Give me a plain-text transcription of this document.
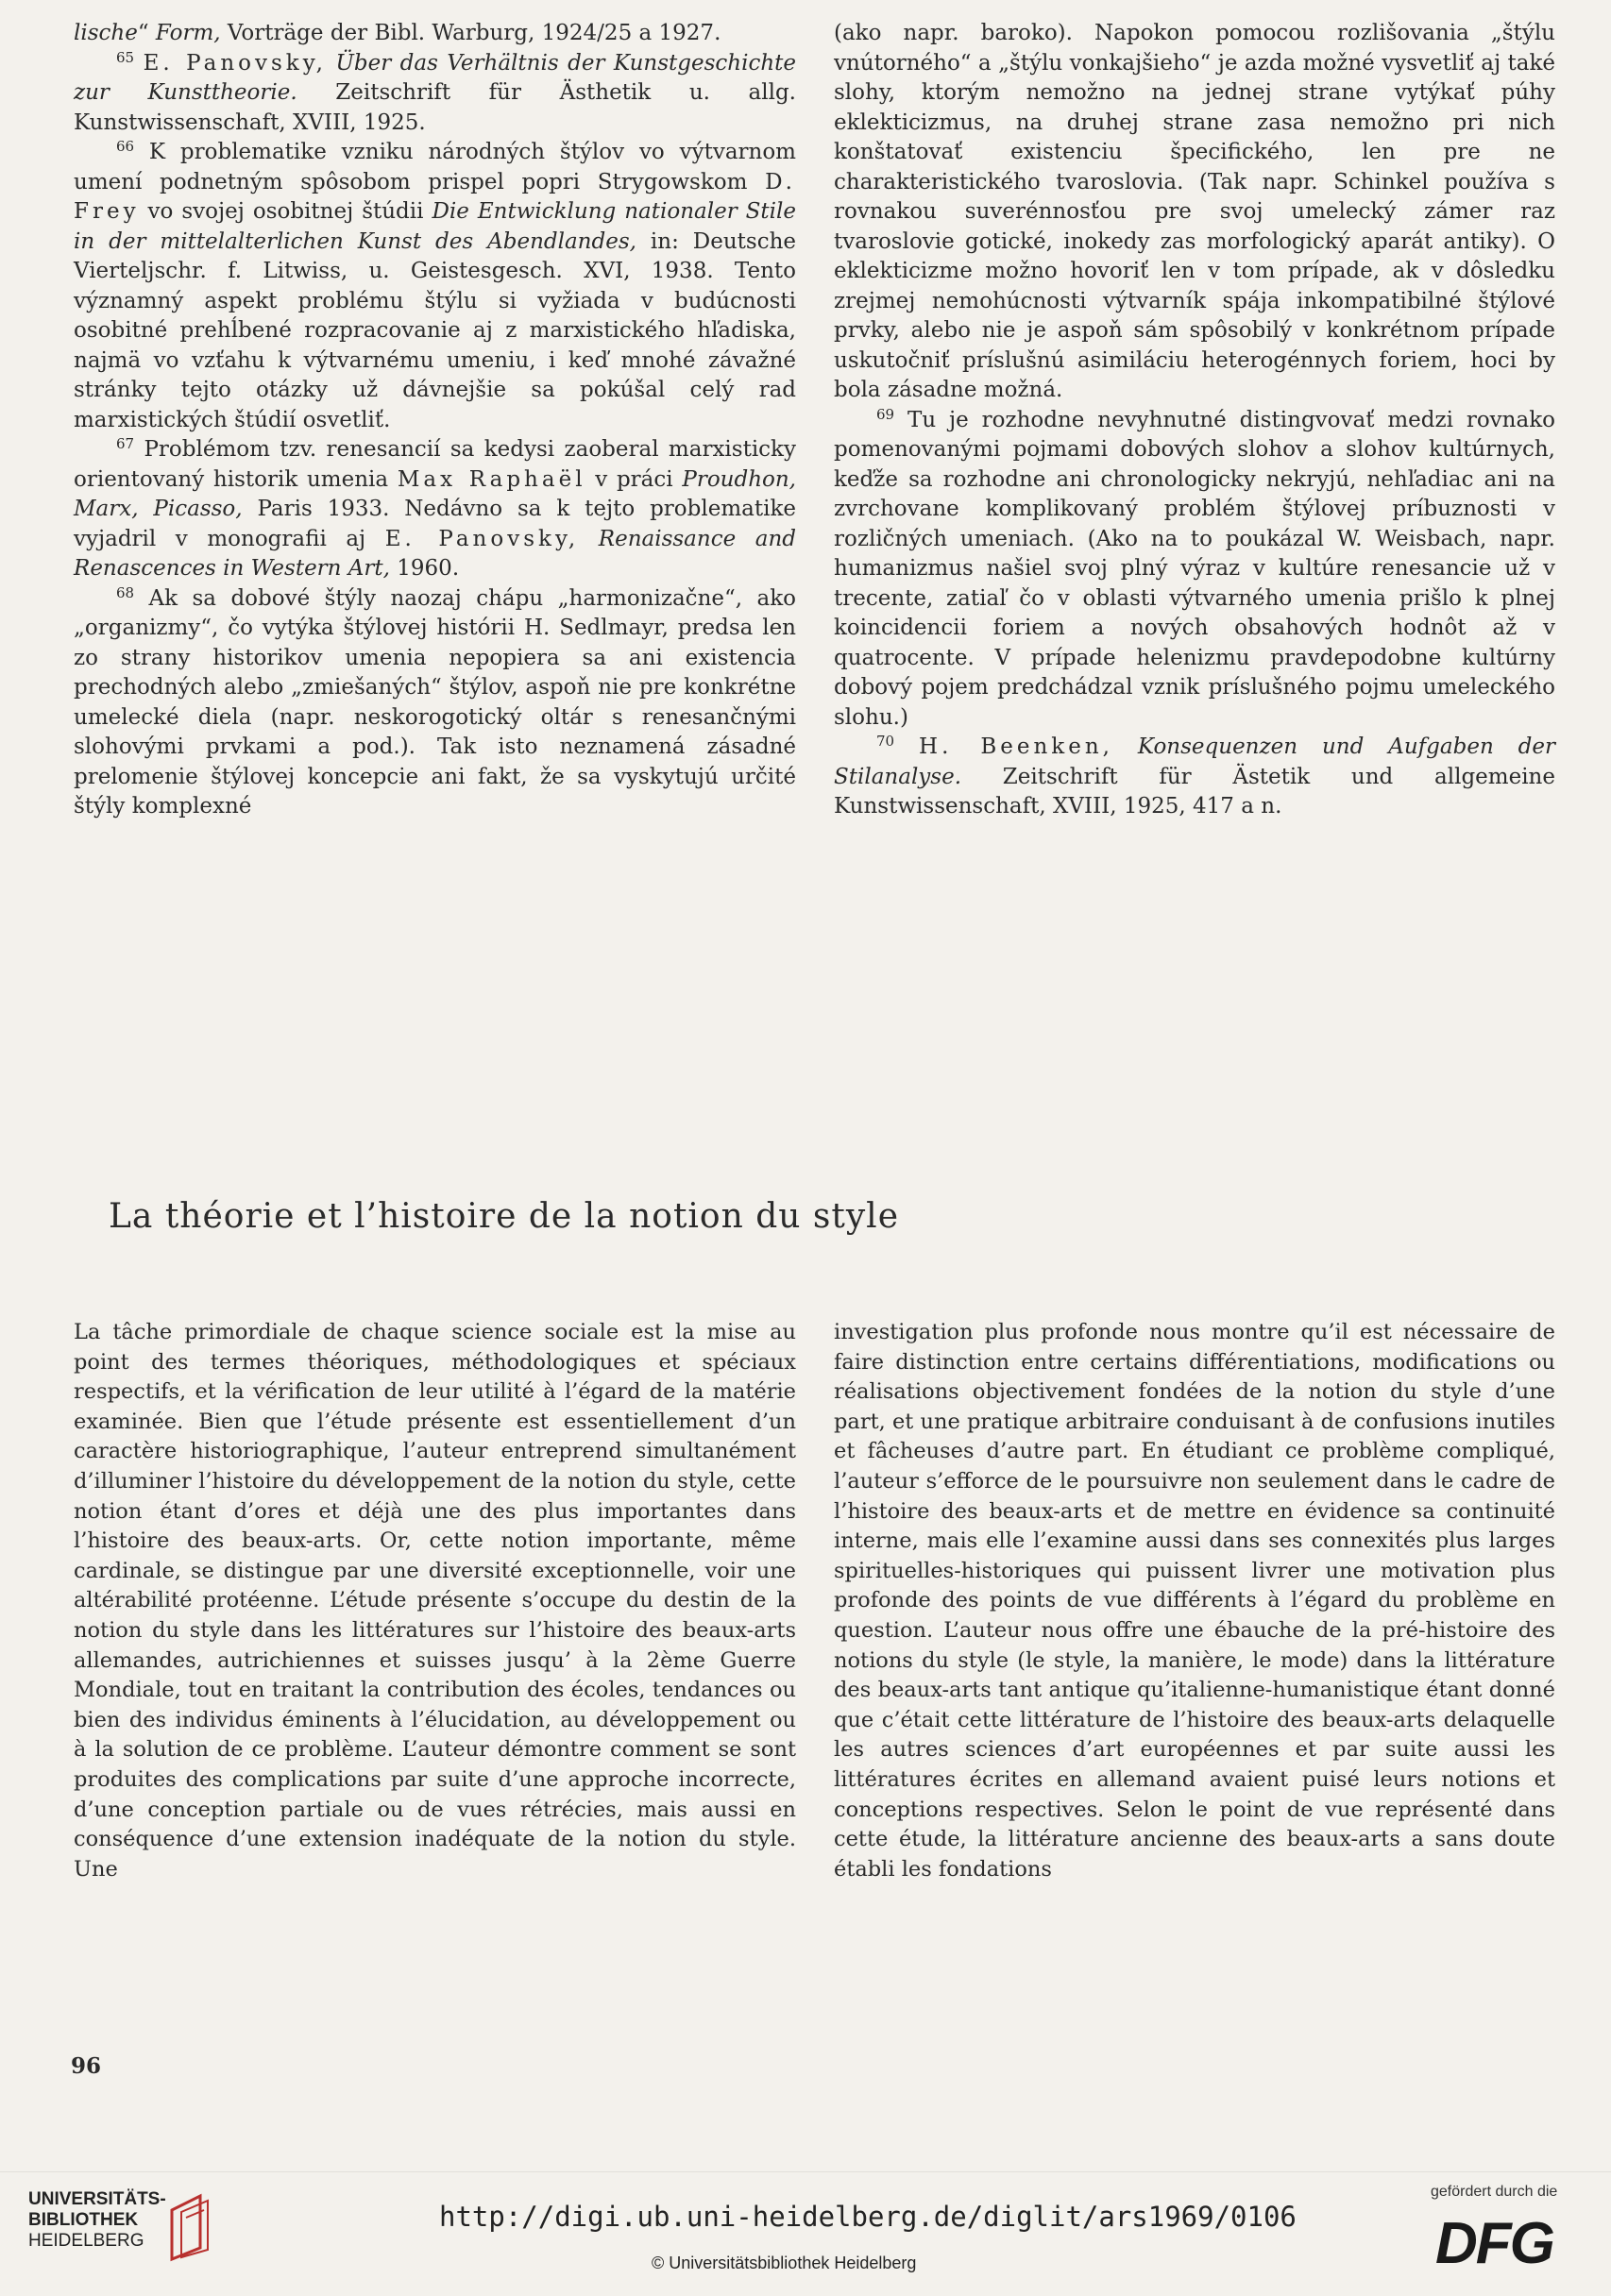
lische“ Form, Vorträge der Bibl. Warburg, 1924/25 a 1927.

$^{65}$ E. Panovsky, Über das Verhältnis der Kunstgeschichte zur Kunsttheorie. Zeitschrift für Ästhetik u. allg. Kunstwissenschaft, XVIII, 1925.

$^{66}$ K problematike vzniku národných štýlov vo výtvarnom umení podnetným spôsobom prispel popri Strygowskom D. Frey vo svojej osobitnej štúdii Die Entwicklung nationaler Stile in der mittelalterlichen Kunst des Abendlandes, in: Deutsche Vierteljschr. f. Litwiss, u. Geistesgesch. XVI, 1938. Tento významný aspekt problému štýlu si vyžiada v budúcnosti osobitné prehĺbené rozpracovanie aj z marxistického hľadiska, najmä vo vzťahu k výtvarnému umeniu, i keď mnohé závažné stránky tejto otázky už dávnejšie sa pokúšal celý rad marxistických štúdií osvetliť.

$^{67}$ Problémom tzv. renesancií sa kedysi zaoberal marxisticky orientovaný historik umenia Max Raphaël v práci Proudhon, Marx, Picasso, Paris 1933. Nedávno sa k tejto problematike vyjadril v monografii aj E. Panovsky, Renaissance and Renascences in Western Art, 1960.

$^{68}$ Ak sa dobové štýly naozaj chápu „harmonizačne“, ako „organizmy“, čo vytýka štýlovej histórii H. Sedlmayr, predsa len zo strany historikov umenia nepopiera sa ani existencia prechodných alebo „zmiešaných“ štýlov, aspoň nie pre konkrétne umelecké diela (napr. neskorogotický oltár s renesančnými slohovými prvkami a pod.). Tak isto neznamená zásadné prelomenie štýlovej koncepcie ani fakt, že sa vyskytujú určité štýly komplexné

(ako napr. baroko). Napokon pomocou rozlišovania „štýlu vnútorného“ a „štýlu vonkajšieho“ je azda možné vysvetliť aj také slohy, ktorým nemožno na jednej strane vytýkať púhy eklekticizmus, na druhej strane zasa nemožno pri nich konštatovať existenciu špecifického, len pre ne charakteristického tvaroslovia. (Tak napr. Schinkel používa s rovnakou suverénnosťou pre svoj umelecký zámer raz tvaroslovie gotické, inokedy zas morfologický aparát antiky). O eklekticizme možno hovoriť len v tom prípade, ak v dôsledku zrejmej nemohúcnosti výtvarník spája inkompatibilné štýlové prvky, alebo nie je aspoň sám spôsobilý v konkrétnom prípade uskutočniť príslušnú asimiláciu heterogénnych foriem, hoci by bola zásadne možná.

$^{69}$ Tu je rozhodne nevyhnutné distingvovať medzi rovnako pomenovanými pojmami dobových slohov a slohov kultúrnych, keďže sa rozhodne ani chronologicky nekryjú, nehľadiac ani na zvrchovane komplikovaný problém štýlovej príbuznosti v rozličných umeniach. (Ako na to poukázal W. Weisbach, napr. humanizmus našiel svoj plný výraz v kultúre renesancie už v trecente, zatiaľ čo v oblasti výtvarného umenia prišlo k plnej koincidencii foriem a nových obsahových hodnôt až v quatrocente. V prípade helenizmu pravdepodobne kultúrny dobový pojem predchádzal vznik príslušného pojmu umeleckého slohu.)

$^{70}$ H. Beenken, Konsequenzen und Aufgaben der Stilanalyse. Zeitschrift für Ästetik und allgemeine Kunstwissenschaft, XVIII, 1925, 417 a n.

La théorie et l’histoire de la notion du style

La tâche primordiale de chaque science sociale est la mise au point des termes théoriques, méthodologiques et spéciaux respectifs, et la vérification de leur utilité à l’égard de la matérie examinée. Bien que l’étude présente est essentiellement d’un caractère historiographique, l’auteur entreprend simultanément d’illuminer l’histoire du développement de la notion du style, cette notion étant d’ores et déjà une des plus importantes dans l’histoire des beaux-arts. Or, cette notion importante, même cardinale, se distingue par une diversité exceptionnelle, voir une altérabilité protéenne. L’étude présente s’occupe du destin de la notion du style dans les littératures sur l’histoire des beaux-arts allemandes, autrichiennes et suisses jusqu’ à la 2ème Guerre Mondiale, tout en traitant la contribution des écoles, tendances ou bien des individus éminents à l’élucidation, au développement ou à la solution de ce problème. L’auteur démontre comment se sont produites des complications par suite d’une approche incorrecte, d’une conception partiale ou de vues rétrécies, mais aussi en conséquence d’une extension inadéquate de la notion du style. Une

investigation plus profonde nous montre qu’il est nécessaire de faire distinction entre certains différentiations, modifications ou réalisations objectivement fondées de la notion du style d’une part, et une pratique arbitraire conduisant à de confusions inutiles et fâcheuses d’autre part. En étudiant ce problème compliqué, l’auteur s’efforce de le poursuivre non seulement dans le cadre de l’histoire des beaux-arts et de mettre en évidence sa continuité interne, mais elle l’examine aussi dans ses connexités plus larges spirituelles-historiques qui puissent livrer une motivation plus profonde des points de vue différents à l’égard du problème en question. L’auteur nous offre une ébauche de la pré-histoire des notions du style (le style, la manière, le mode) dans la littérature des beaux-arts tant antique qu’italienne-humanistique étant donné que c’était cette littérature de l’histoire des beaux-arts delaquelle les autres sciences d’art européennes et par suite aussi les littératures écrites en allemand avaient puisé leurs notions et conceptions respectives. Selon le point de vue représenté dans cette étude, la littérature ancienne des beaux-arts a sans doute établi les fondations

96
UNIVERSITÄTS-
BIBLIOTHEK
HEIDELBERG
http://digi.ub.uni-heidelberg.de/diglit/ars1969/0106
© Universitätsbibliothek Heidelberg
gefördert durch die
DFG
